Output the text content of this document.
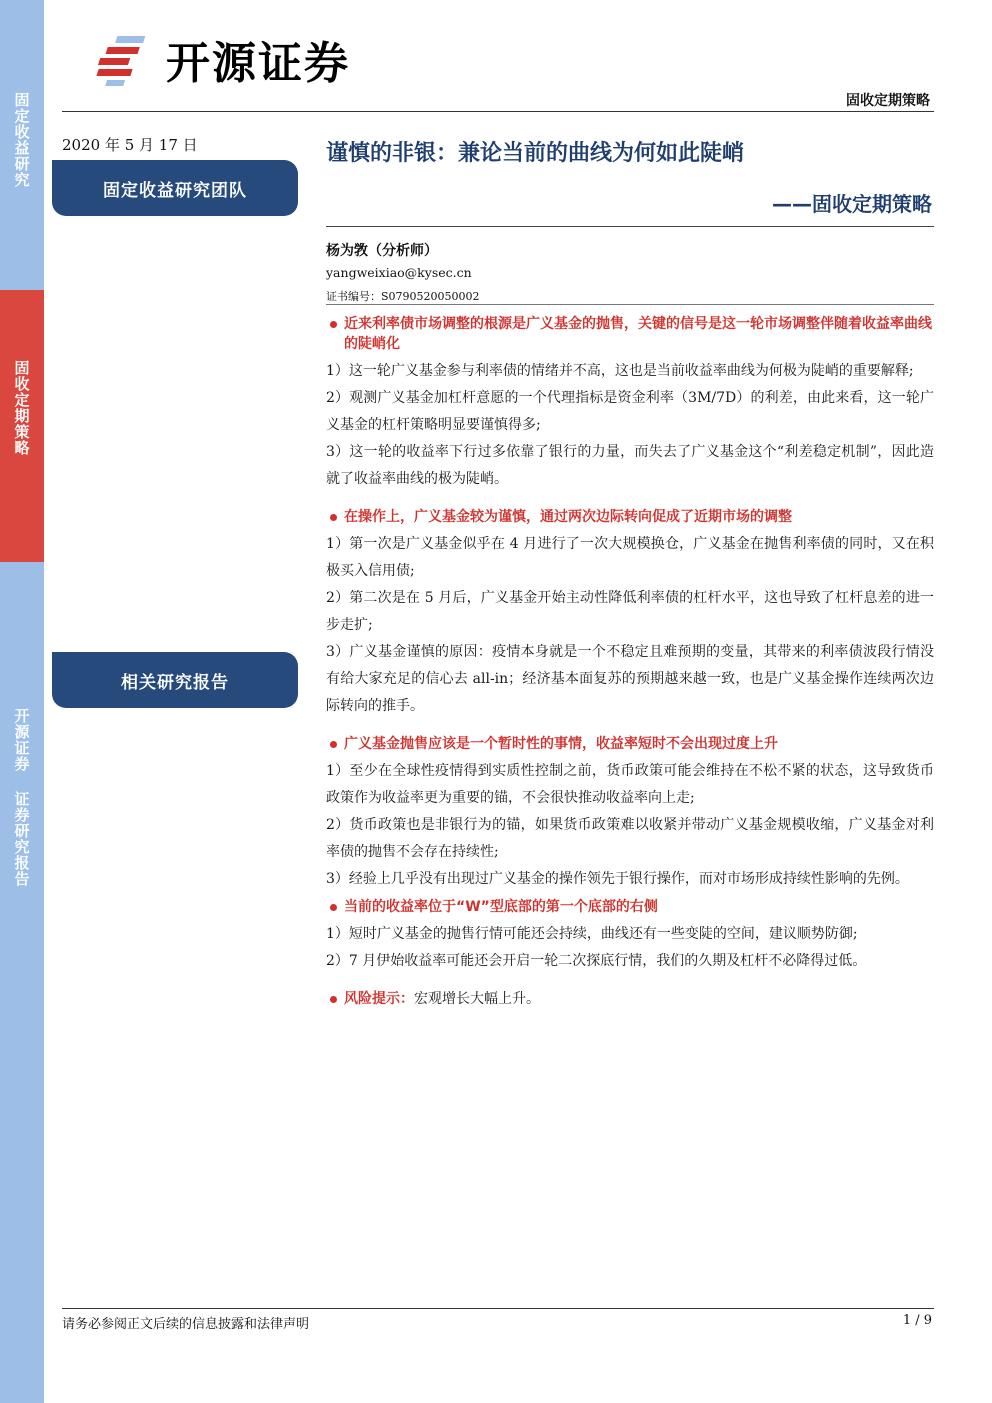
固定收益研究
固收定期策略
开源证券 证券研究报告
开源证券
固收定期策略
2020 年 5 月 17 日
固定收益研究团队
相关研究报告
谨慎的非银：兼论当前的曲线为何如此陡峭
——固收定期策略
杨为敩（分析师）
yangweixiao@kysec.cn
证书编号：S0790520050002
近来利率债市场调整的根源是广义基金的抛售，关键的信号是这一轮市场调整伴随着收益率曲线的陡峭化

1）这一轮广义基金参与利率债的情绪并不高，这也是当前收益率曲线为何极为陡峭的重要解释;

2）观测广义基金加杠杆意愿的一个代理指标是资金利率（3M/7D）的利差，由此来看，这一轮广义基金的杠杆策略明显要谨慎得多;

3）这一轮的收益率下行过多依靠了银行的力量，而失去了广义基金这个“利差稳定机制”，因此造就了收益率曲线的极为陡峭。

在操作上，广义基金较为谨慎，通过两次边际转向促成了近期市场的调整

1）第一次是广义基金似乎在 4 月进行了一次大规模换仓，广义基金在抛售利率债的同时，又在积极买入信用债;

2）第二次是在 5 月后，广义基金开始主动性降低利率债的杠杆水平，这也导致了杠杆息差的进一步走扩;

3）广义基金谨慎的原因：疫情本身就是一个不稳定且难预期的变量，其带来的利率债波段行情没有给大家充足的信心去 all-in；经济基本面复苏的预期越来越一致，也是广义基金操作连续两次边际转向的推手。

广义基金抛售应该是一个暂时性的事情，收益率短时不会出现过度上升

1）至少在全球性疫情得到实质性控制之前，货币政策可能会维持在不松不紧的状态，这导致货币政策作为收益率更为重要的锚，不会很快推动收益率向上走;

2）货币政策也是非银行为的锚，如果货币政策难以收紧并带动广义基金规模收缩，广义基金对利率债的抛售不会存在持续性;

3）经验上几乎没有出现过广义基金的操作领先于银行操作，而对市场形成持续性影响的先例。

当前的收益率位于“W”型底部的第一个底部的右侧

1）短时广义基金的抛售行情可能还会持续，曲线还有一些变陡的空间，建议顺势防御;

2）7 月伊始收益率可能还会开启一轮二次探底行情，我们的久期及杠杆不必降得过低。

风险提示：宏观增长大幅上升。
请务必参阅正文后续的信息披露和法律声明	1 / 9
